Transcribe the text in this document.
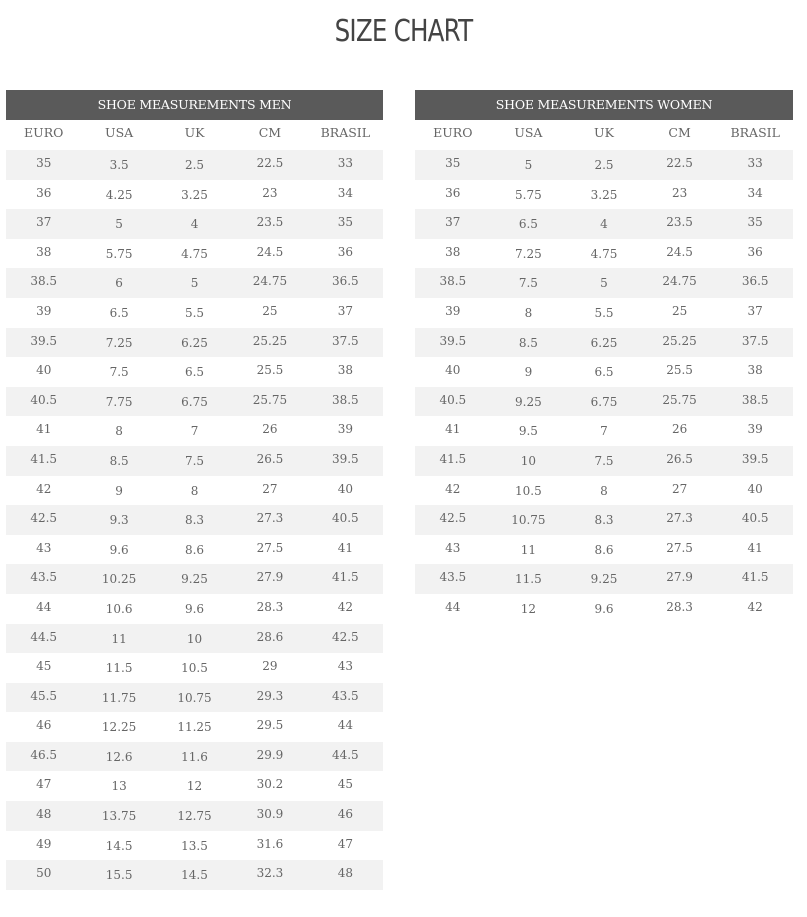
SIZE CHART
SHOE MEASUREMENTS MEN
EURO	USA	UK	CM	BRASIL
35	3.5	2.5	22.5	33
36	4.25	3.25	23	34
37	5	4	23.5	35
38	5.75	4.75	24.5	36
38.5	6	5	24.75	36.5
39	6.5	5.5	25	37
39.5	7.25	6.25	25.25	37.5
40	7.5	6.5	25.5	38
40.5	7.75	6.75	25.75	38.5
41	8	7	26	39
41.5	8.5	7.5	26.5	39.5
42	9	8	27	40
42.5	9.3	8.3	27.3	40.5
43	9.6	8.6	27.5	41
43.5	10.25	9.25	27.9	41.5
44	10.6	9.6	28.3	42
44.5	11	10	28.6	42.5
45	11.5	10.5	29	43
45.5	11.75	10.75	29.3	43.5
46	12.25	11.25	29.5	44
46.5	12.6	11.6	29.9	44.5
47	13	12	30.2	45
48	13.75	12.75	30.9	46
49	14.5	13.5	31.6	47
50	15.5	14.5	32.3	48
SHOE MEASUREMENTS WOMEN
EURO	USA	UK	CM	BRASIL
35	5	2.5	22.5	33
36	5.75	3.25	23	34
37	6.5	4	23.5	35
38	7.25	4.75	24.5	36
38.5	7.5	5	24.75	36.5
39	8	5.5	25	37
39.5	8.5	6.25	25.25	37.5
40	9	6.5	25.5	38
40.5	9.25	6.75	25.75	38.5
41	9.5	7	26	39
41.5	10	7.5	26.5	39.5
42	10.5	8	27	40
42.5	10.75	8.3	27.3	40.5
43	11	8.6	27.5	41
43.5	11.5	9.25	27.9	41.5
44	12	9.6	28.3	42
